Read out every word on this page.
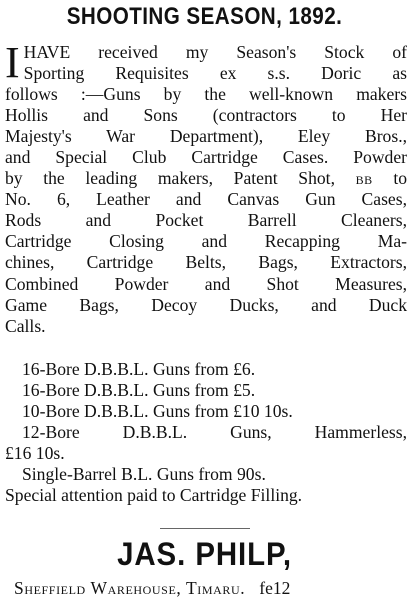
SHOOTING SEASON, 1892.
I HAVE received my Season's Stock of
Sporting Requisites ex s.s. Doric as
follows :—Guns by the well-known makers
Hollis and Sons (contractors to Her
Majesty's War Department), Eley Bros.,
and Special Club Cartridge Cases. Powder
by the leading makers, Patent Shot, BB to
No. 6, Leather and Canvas Gun Cases,
Rods and Pocket Barrell Cleaners,
Cartridge Closing and Recapping Ma-
chines, Cartridge Belts, Bags, Extractors,
Combined Powder and Shot Measures,
Game Bags, Decoy Ducks, and Duck
Calls.
16-Bore D.B.B.L. Guns from £6.
16-Bore D.B.B.L. Guns from £5.
10-Bore D.B.B.L. Guns from £10 10s.
12-Bore D.B.B.L. Guns, Hammerless,
£16 10s.
Single-Barrel B.L. Guns from 90s.
Special attention paid to Cartridge Filling.
JAS. PHILP,
Sheffield Warehouse, Timaru. fe12
